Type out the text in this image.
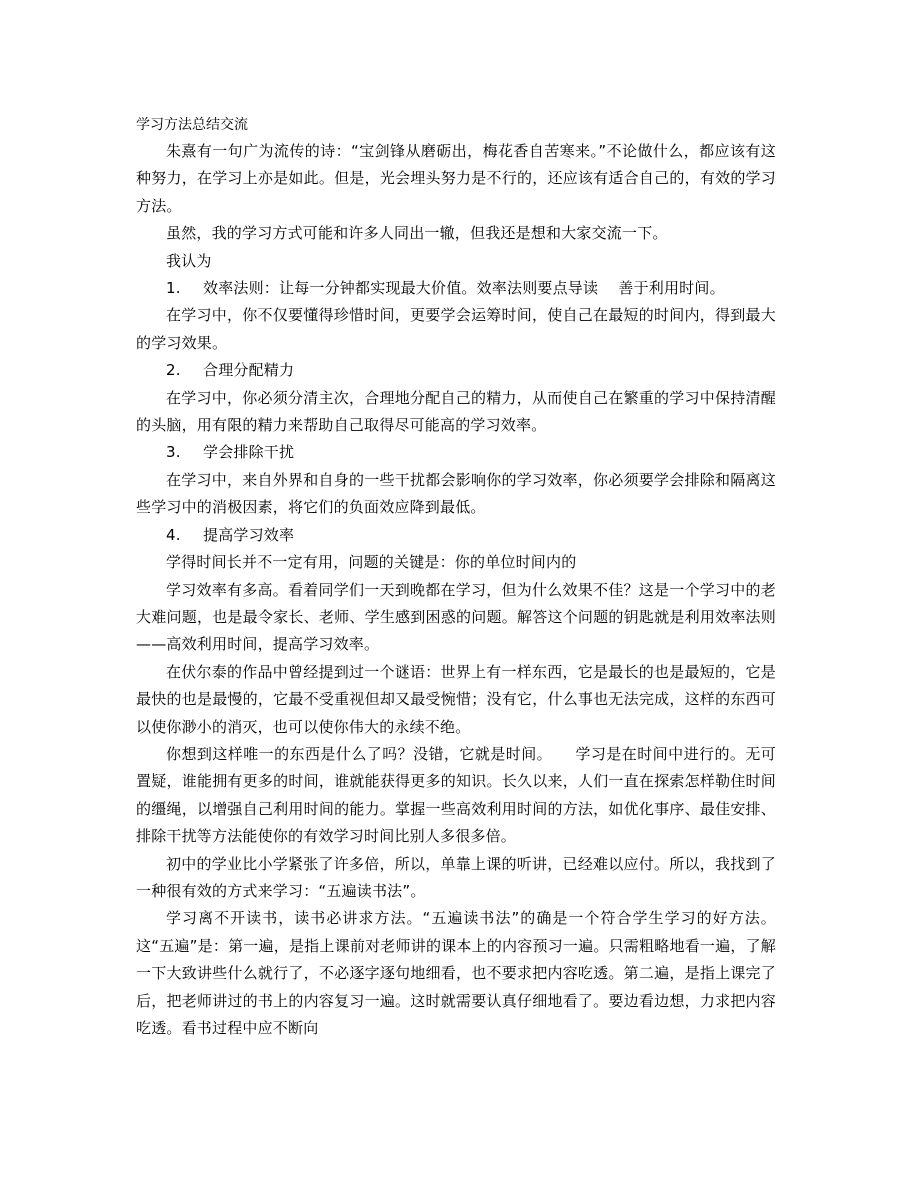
学习方法总结交流

朱熹有一句广为流传的诗：“宝剑锋从磨砺出，梅花香自苦寒来。”不论做什么，都应该有这种努力，在学习上亦是如此。但是，光会埋头努力是不行的，还应该有适合自己的，有效的学习方法。

虽然，我的学习方式可能和许多人同出一辙，但我还是想和大家交流一下。

我认为

1. 效率法则：让每一分钟都实现最大价值。效率法则要点导读　 善于利用时间。

在学习中，你不仅要懂得珍惜时间，更要学会运筹时间，使自己在最短的时间内，得到最大的学习效果。

2. 合理分配精力

在学习中，你必须分清主次，合理地分配自己的精力，从而使自己在繁重的学习中保持清醒的头脑，用有限的精力来帮助自己取得尽可能高的学习效率。

3. 学会排除干扰

在学习中，来自外界和自身的一些干扰都会影响你的学习效率，你必须要学会排除和隔离这些学习中的消极因素，将它们的负面效应降到最低。

4. 提高学习效率

学得时间长并不一定有用，问题的关键是：你的单位时间内的

学习效率有多高。看着同学们一天到晚都在学习，但为什么效果不佳？这是一个学习中的老大难问题，也是最令家长、老师、学生感到困惑的问题。解答这个问题的钥匙就是利用效率法则——高效利用时间，提高学习效率。

在伏尔泰的作品中曾经提到过一个谜语：世界上有一样东西，它是最长的也是最短的，它是最快的也是最慢的，它最不受重视但却又最受惋惜；没有它，什么事也无法完成，这样的东西可以使你渺小的消灭，也可以使你伟大的永续不绝。

你想到这样唯一的东西是什么了吗？没错，它就是时间。　　学习是在时间中进行的。无可置疑，谁能拥有更多的时间，谁就能获得更多的知识。长久以来，人们一直在探索怎样勒住时间的缰绳，以增强自己利用时间的能力。掌握一些高效利用时间的方法，如优化事序、最佳安排、排除干扰等方法能使你的有效学习时间比别人多很多倍。

初中的学业比小学紧张了许多倍，所以，单靠上课的听讲，已经难以应付。所以，我找到了一种很有效的方式来学习：“五遍读书法”。

学习离不开读书，读书必讲求方法。“五遍读书法”的确是一个符合学生学习的好方法。这“五遍”是：第一遍，是指上课前对老师讲的课本上的内容预习一遍。只需粗略地看一遍，了解一下大致讲些什么就行了，不必逐字逐句地细看，也不要求把内容吃透。第二遍，是指上课完了后，把老师讲过的书上的内容复习一遍。这时就需要认真仔细地看了。要边看边想，力求把内容吃透。看书过程中应不断向
